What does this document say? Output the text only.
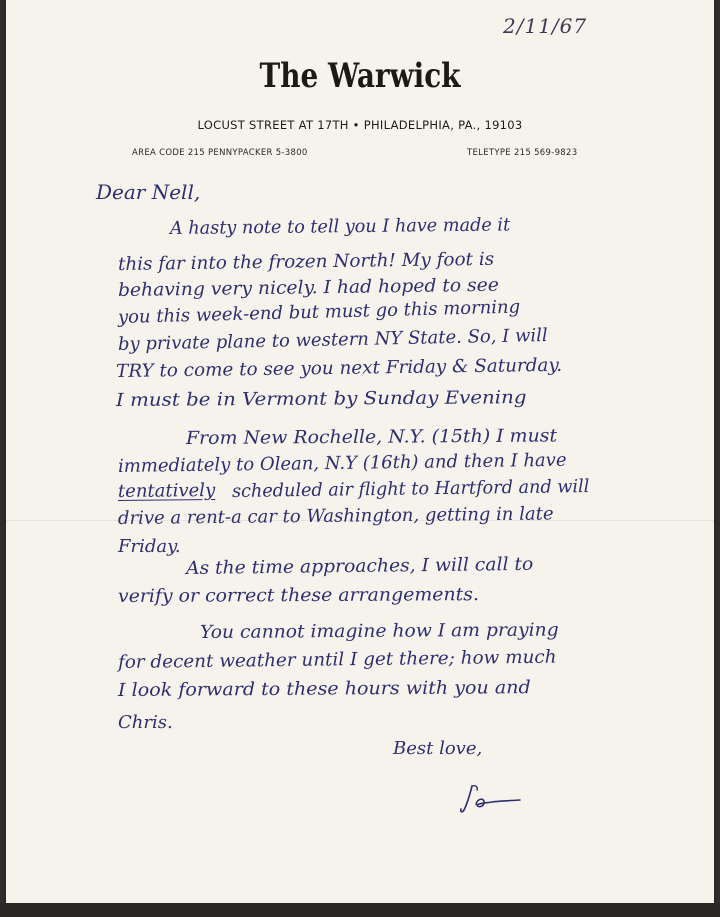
2/11/67
The Warwick
LOCUST STREET AT 17TH • PHILADELPHIA, PA., 19103
AREA CODE 215 PENNYPACKER 5-3800	TELETYPE 215 569-9823
Dear Nell,
A hasty note to tell you I have made it
this far into the frozen North! My foot is
behaving very nicely. I had hoped to see
you this week-end but must go this morning
by private plane to western NY State. So, I will
TRY to come to see you next Friday & Saturday.
I must be in Vermont by Sunday Evening
From New Rochelle, N.Y. (15th) I must
immediately to Olean, N.Y (16th) and then I have
tentatively scheduled air flight to Hartford and will
drive a rent-a car to Washington, getting in late
Friday.
As the time approaches, I will call to
verify or correct these arrangements.
You cannot imagine how I am praying
for decent weather until I get there; how much
I look forward to these hours with you and
Chris.
Best love,
